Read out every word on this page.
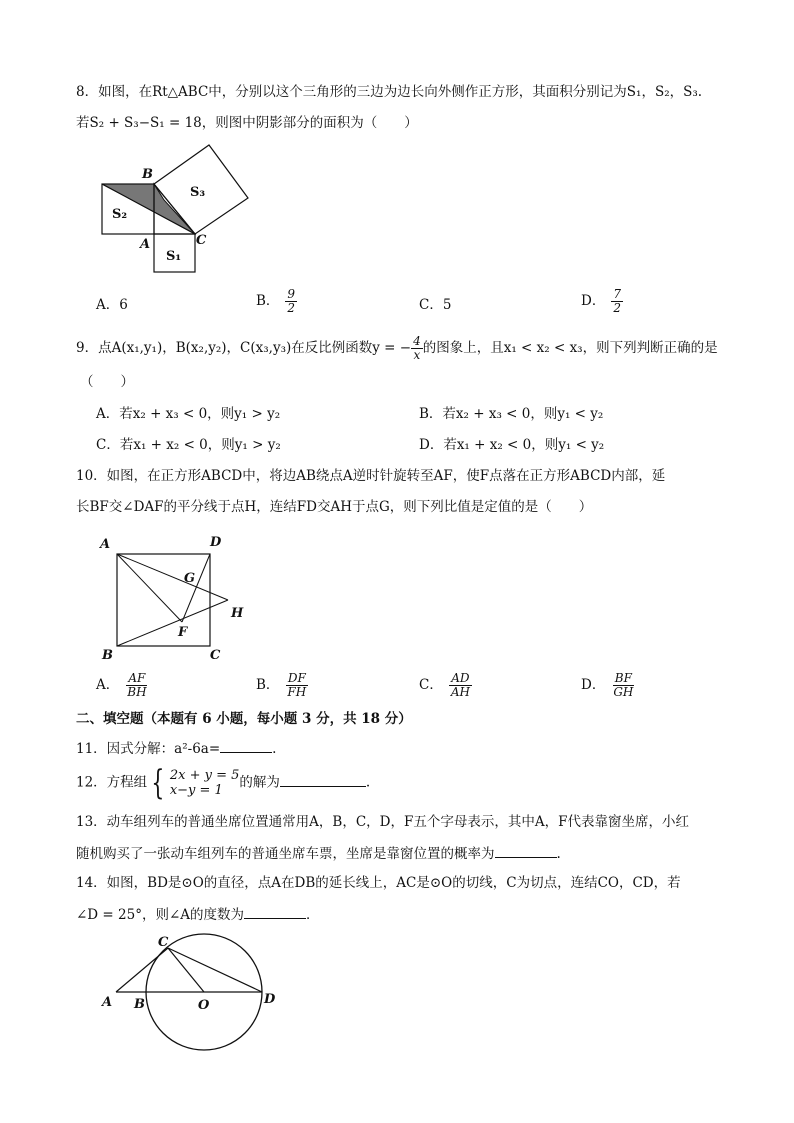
8．如图，在Rt△ABC中，分别以这个三角形的三边为边长向外侧作正方形，其面积分别记为S₁，S₂，S₃.
若S₂ + S₃−S₁ = 18，则图中阴影部分的面积为（　　）
B
S₃
S₂
A	C
S₁
A．6	B． $\frac{9}{2}$	C．5	D． $\frac{7}{2}$
9．点A(x₁,y₁)，B(x₂,y₂)，C(x₃,y₃)在反比例函数y = − $\frac{4}{x}$ 的图象上，且x₁ < x₂ < x₃，则下列判断正确的是
（　　）
A．若x₂ + x₃ < 0，则y₁ > y₂	B．若x₂ + x₃ < 0，则y₁ < y₂
C．若x₁ + x₂ < 0，则y₁ > y₂	D．若x₁ + x₂ < 0，则y₁ < y₂
10．如图，在正方形ABCD中，将边AB绕点A逆时针旋转至AF，使F点落在正方形ABCD内部，延
长BF交∠DAF的平分线于点H，连结FD交AH于点G，则下列比值是定值的是（　　）
A	D
G
H
F
B	C
A． $\frac{AF}{BH}$	B． $\frac{DF}{FH}$	C． $\frac{AD}{AH}$	D． $\frac{BF}{GH}$
二、填空题（本题有 6 小题，每小题 3 分，共 18 分）
11．因式分解：a²-6a=	.
12．方程组 { 2x + y = 5
x−y = 1	的解为	.
13．动车组列车的普通坐席位置通常用A，B，C，D，F五个字母表示，其中A，F代表靠窗坐席，小红
随机购买了一张动车组列车的普通坐席车票，坐席是靠窗位置的概率为	.
14．如图，BD是⊙O的直径，点A在DB的延长线上，AC是⊙O的切线，C为切点，连结CO，CD，若
∠D = 25°，则∠A的度数为	．
C
A B	O	D
